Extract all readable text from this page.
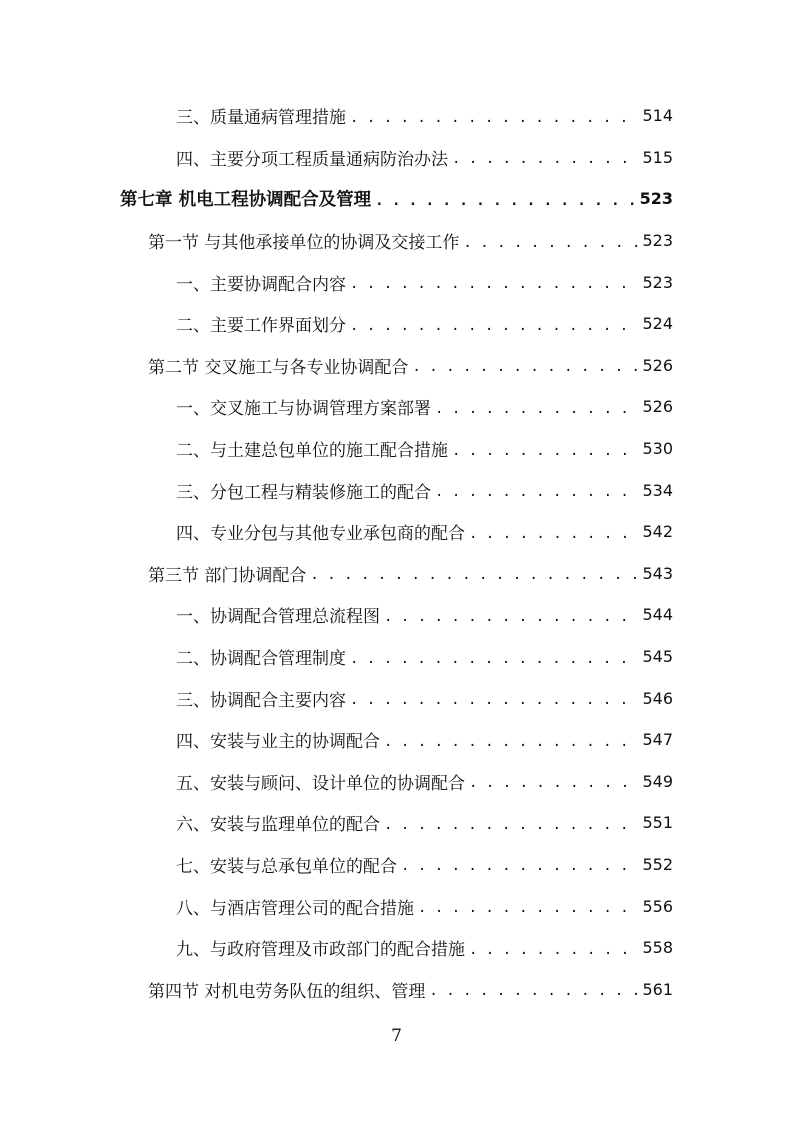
三、质量通病管理措施 . . .	514
四、主要分项工程质量通病防治办法 . . .	515
第七章 机电工程协调配合及管理 . . .	523
第一节 与其他承接单位的协调及交接工作 . . .	523
一、主要协调配合内容 . . .	523
二、主要工作界面划分 . . .	524
第二节 交叉施工与各专业协调配合 . . .	526
一、交叉施工与协调管理方案部署 . . .	526
二、与土建总包单位的施工配合措施 . . .	530
三、分包工程与精装修施工的配合 . . .	534
四、专业分包与其他专业承包商的配合 . . .	542
第三节 部门协调配合 . . .	543
一、协调配合管理总流程图 . . .	544
二、协调配合管理制度 . . .	545
三、协调配合主要内容 . . .	546
四、安装与业主的协调配合 . . .	547
五、安装与顾问、设计单位的协调配合 . . .	549
六、安装与监理单位的配合 . . .	551
七、安装与总承包单位的配合 . . .	552
八、与酒店管理公司的配合措施 . . .	556
九、与政府管理及市政部门的配合措施 . . .	558
第四节 对机电劳务队伍的组织、管理 . . .	561
7
